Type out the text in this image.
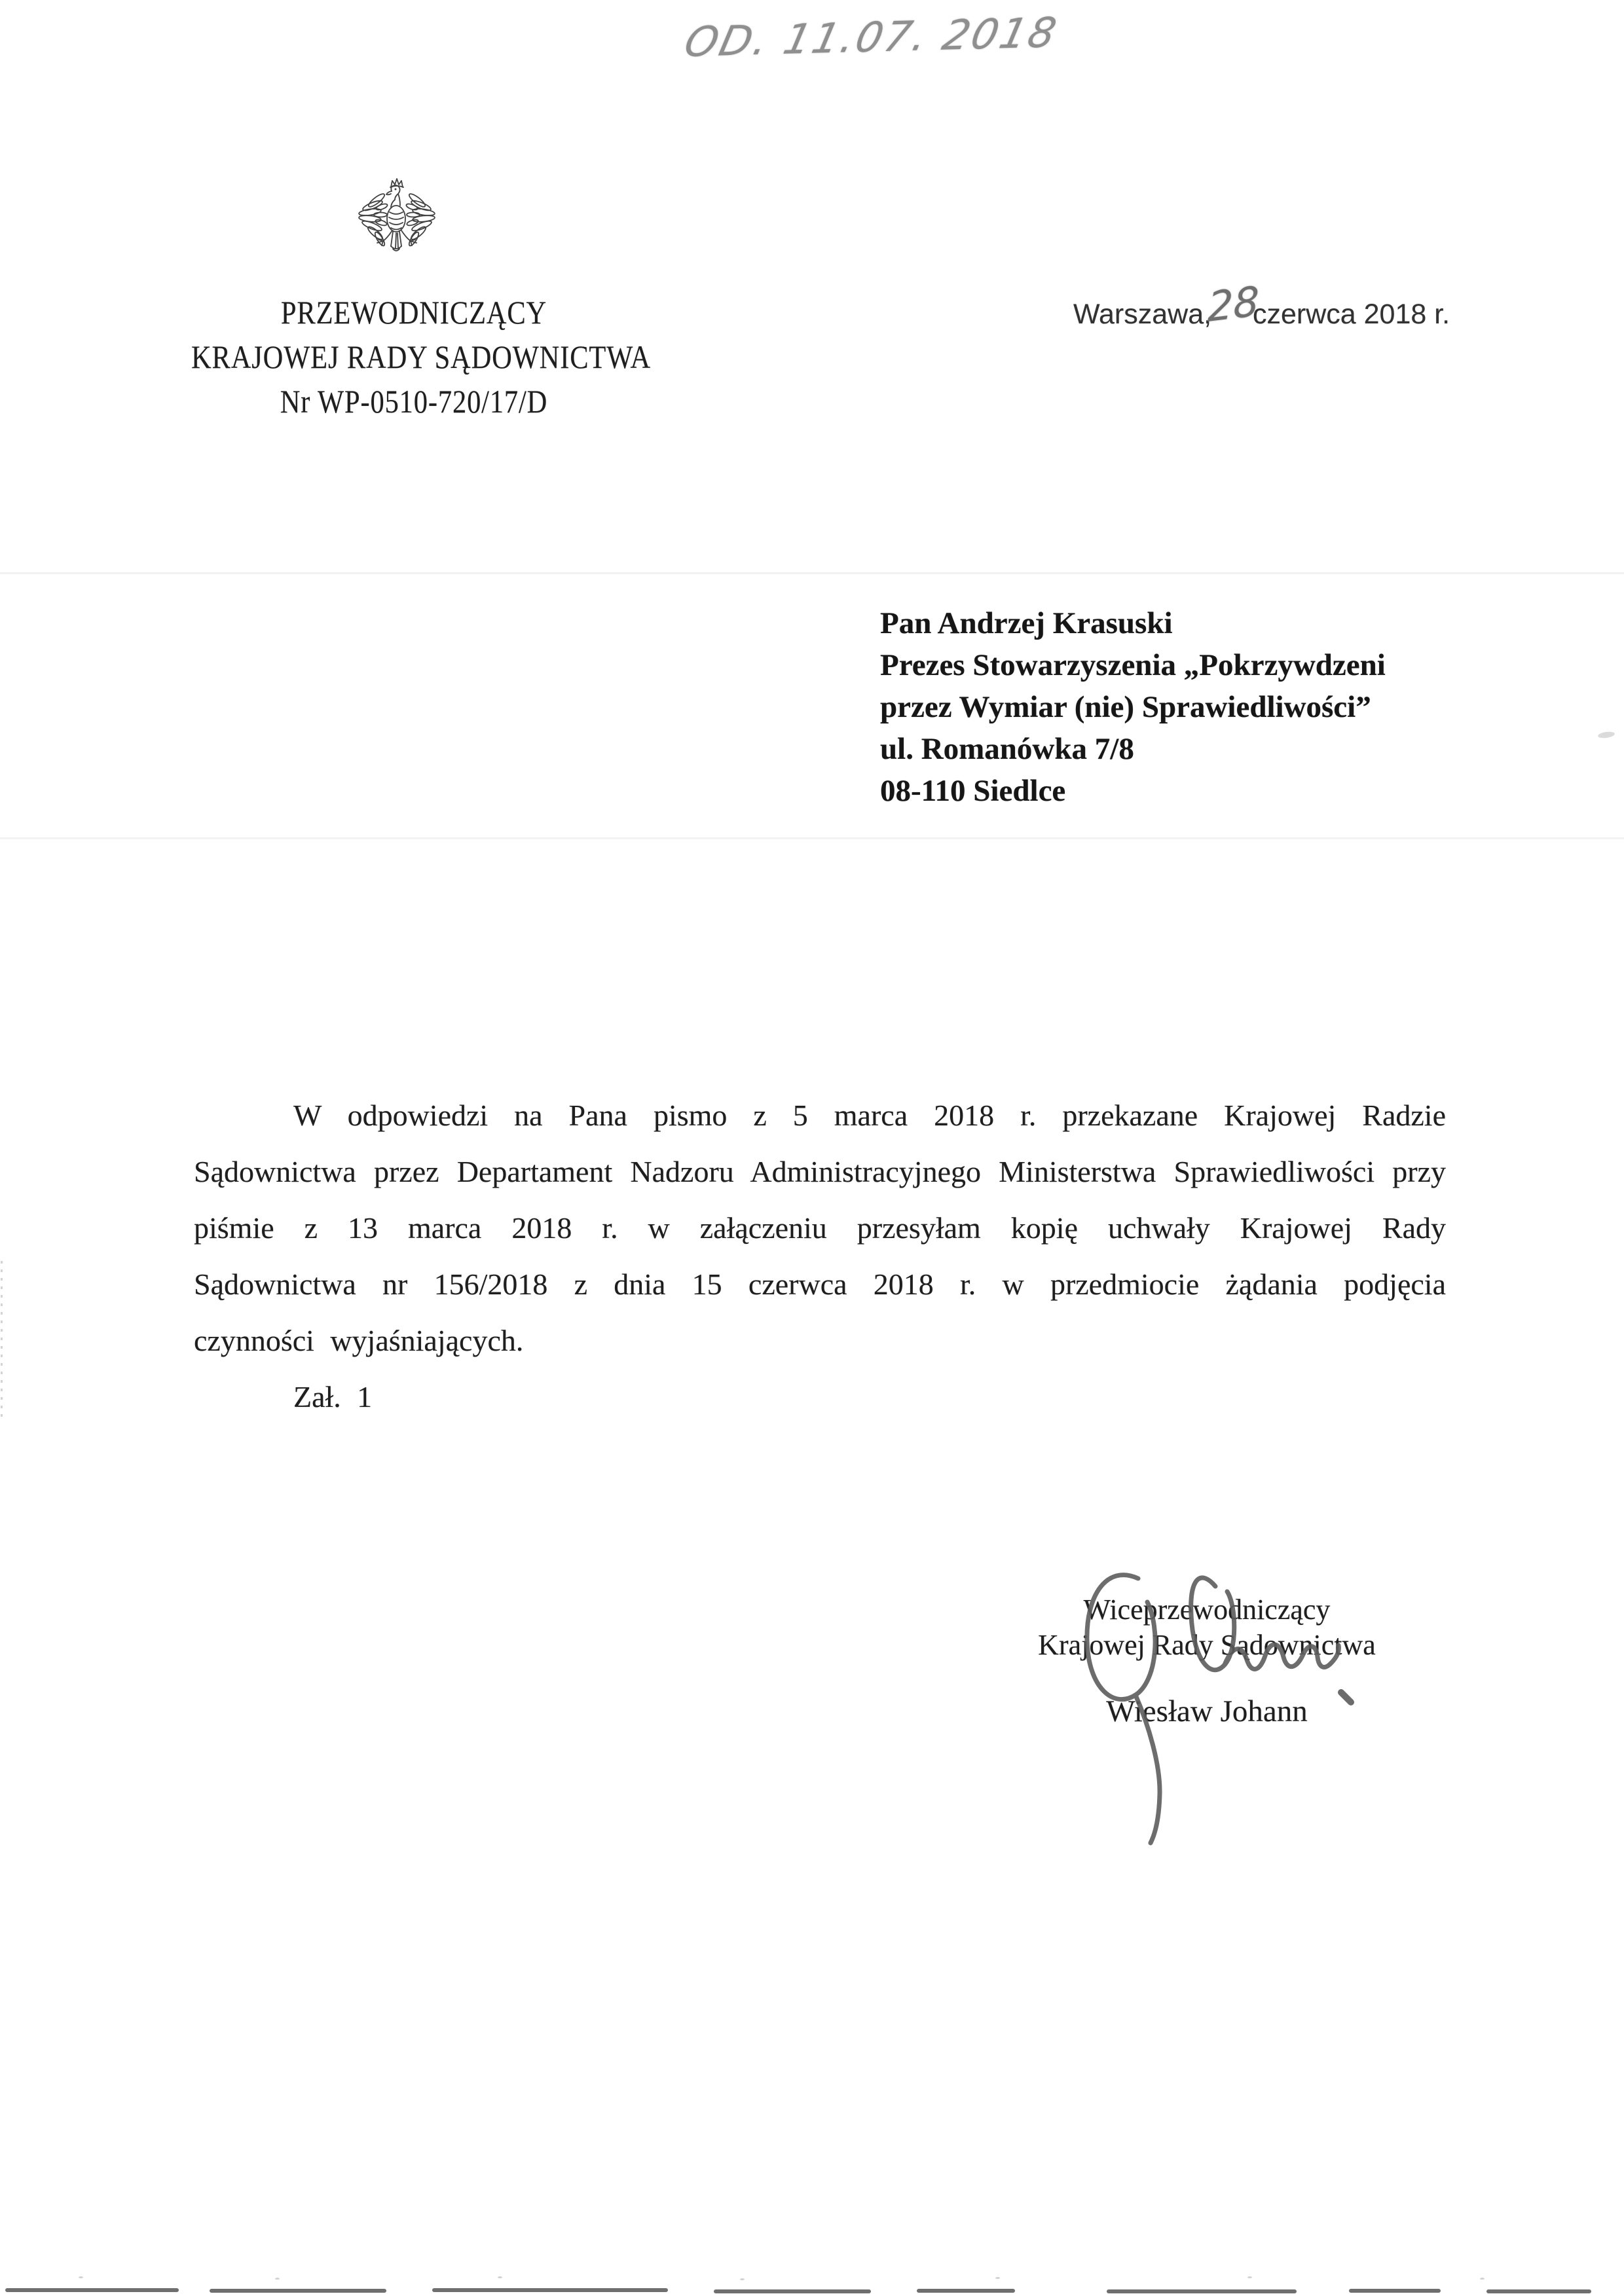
OD. 11.07. 2018
PRZEWODNICZĄCY
KRAJOWEJ RADY SĄDOWNICTWA
Nr WP-0510-720/17/D
Warszawa,28czerwca 2018 r.
Pan Andrzej Krasuski
Prezes Stowarzyszenia „Pokrzywdzeni
przez Wymiar (nie) Sprawiedliwości”
ul. Romanówka 7/8
08-110 Siedlce

W odpowiedzi na Pana pismo z 5 marca 2018 r. przekazane Krajowej Radzie Sądownictwa przez Departament Nadzoru Administracyjnego Ministerstwa Sprawiedliwości przy piśmie z 13 marca 2018 r. w załączeniu przesyłam kopię uchwały Krajowej Rady Sądownictwa nr 156/2018 z dnia 15 czerwca 2018 r. w przedmiocie żądania podjęcia czynności wyjaśniających.

Zał. 1

Wiceprzewodniczący
Krajowej Rady Sądownictwa
Wiesław Johann
